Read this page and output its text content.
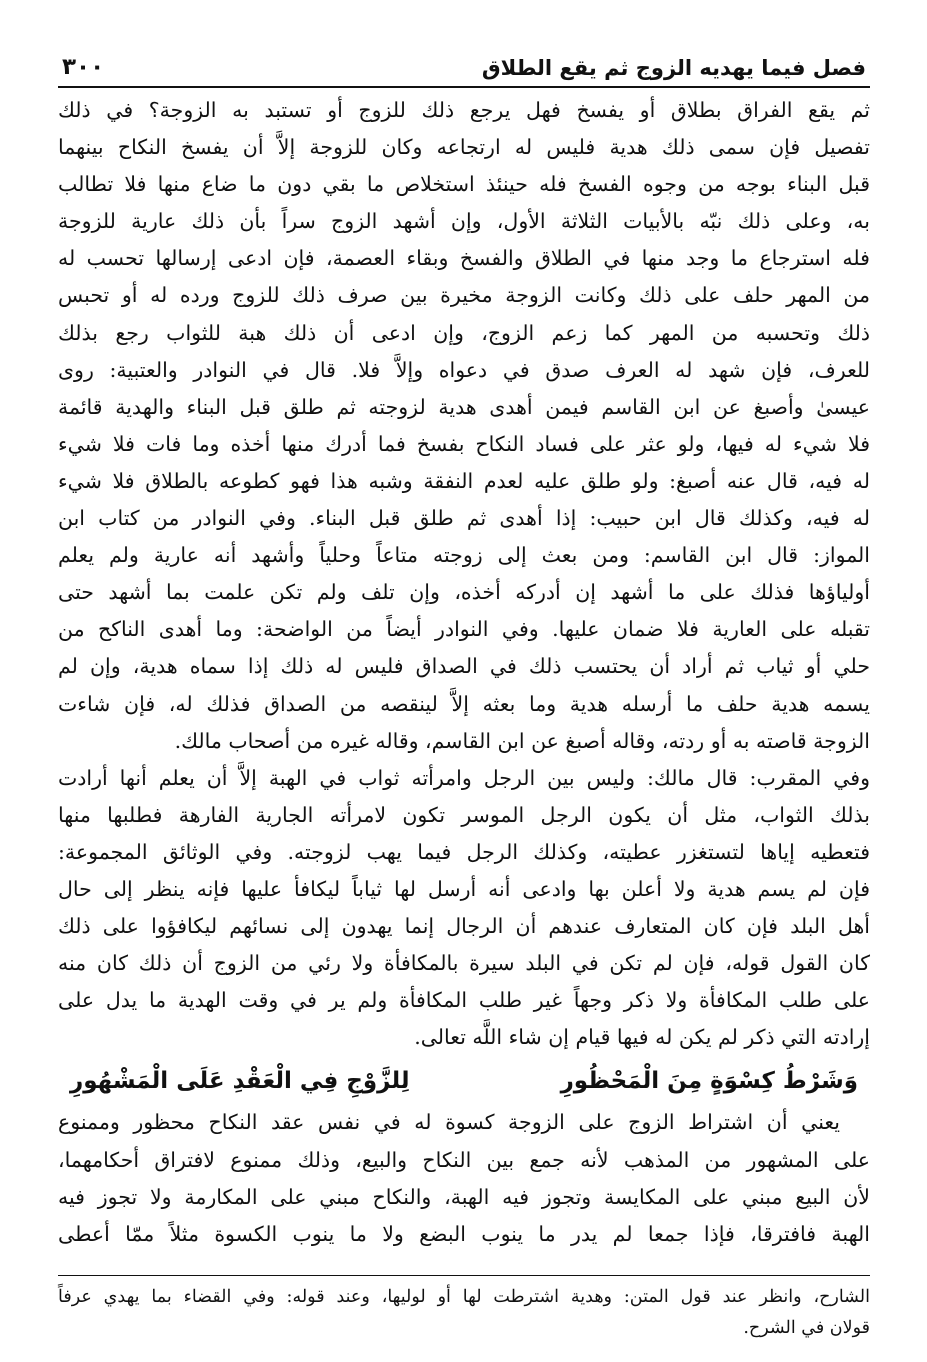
فصل فيما يهديه الزوج ثم يقع الطلاق
٣٠٠
ثم يقع الفراق بطلاق أو يفسخ فهل يرجع ذلك للزوج أو تستبد به الزوجة؟ في ذلك
تفصيل فإن سمى ذلك هدية فليس له ارتجاعه وكان للزوجة إلاَّ أن يفسخ النكاح بينهما
قبل البناء بوجه من وجوه الفسخ فله حينئذ استخلاص ما بقي دون ما ضاع منها فلا تطالب
به، وعلى ذلك نبّه بالأبيات الثلاثة الأول، وإن أشهد الزوج سراً بأن ذلك عارية للزوجة
فله استرجاع ما وجد منها في الطلاق والفسخ وبقاء العصمة، فإن ادعى إرسالها تحسب له
من المهر حلف على ذلك وكانت الزوجة مخيرة بين صرف ذلك للزوج ورده له أو تحبس
ذلك وتحسبه من المهر كما زعم الزوج، وإن ادعى أن ذلك هبة للثواب رجع بذلك
للعرف، فإن شهد له العرف صدق في دعواه وإلاَّ فلا. قال في النوادر والعتبية: روى
عيسىٰ وأصبغ عن ابن القاسم فيمن أهدى هدية لزوجته ثم طلق قبل البناء والهدية قائمة
فلا شيء له فيها، ولو عثر على فساد النكاح بفسخ فما أدرك منها أخذه وما فات فلا شيء
له فيه، قال عنه أصبغ: ولو طلق عليه لعدم النفقة وشبه هذا فهو كطوعه بالطلاق فلا شيء
له فيه، وكذلك قال ابن حبيب: إذا أهدى ثم طلق قبل البناء. وفي النوادر من كتاب ابن
المواز: قال ابن القاسم: ومن بعث إلى زوجته متاعاً وحلياً وأشهد أنه عارية ولم يعلم
أولياؤها فذلك على ما أشهد إن أدركه أخذه، وإن تلف ولم تكن علمت بما أشهد حتى
تقبله على العارية فلا ضمان عليها. وفي النوادر أيضاً من الواضحة: وما أهدى الناكح من
حلي أو ثياب ثم أراد أن يحتسب ذلك في الصداق فليس له ذلك إذا سماه هدية، وإن لم
يسمه هدية حلف ما أرسله هدية وما بعثه إلاَّ لينقصه من الصداق فذلك له، فإن شاءت
الزوجة قاصته به أو ردته، وقاله أصبغ عن ابن القاسم، وقاله غيره من أصحاب مالك.
وفي المقرب: قال مالك: وليس بين الرجل وامرأته ثواب في الهبة إلاَّ أن يعلم أنها أرادت
بذلك الثواب، مثل أن يكون الرجل الموسر تكون لامرأته الجارية الفارهة فطلبها منها
فتعطيه إياها لتستغزر عطيته، وكذلك الرجل فيما يهب لزوجته. وفي الوثائق المجموعة:
فإن لم يسم هدية ولا أعلن بها وادعى أنه أرسل لها ثياباً ليكافأ عليها فإنه ينظر إلى حال
أهل البلد فإن كان المتعارف عندهم أن الرجال إنما يهدون إلى نسائهم ليكافؤوا على ذلك
كان القول قوله، فإن لم تكن في البلد سيرة بالمكافأة ولا رئي من الزوج أن ذلك كان منه
على طلب المكافأة ولا ذكر وجهاً غير طلب المكافأة ولم ير في وقت الهدية ما يدل على
إرادته التي ذكر لم يكن له فيها قيام إن شاء اللَّه تعالى.
وَشَرْطُ كِسْوَةٍ مِنَ الْمَحْظُورِ
لِلزَّوْجِ فِي الْعَقْدِ عَلَى الْمَشْهُورِ
يعني أن اشتراط الزوج على الزوجة كسوة له في نفس عقد النكاح محظور وممنوع
على المشهور من المذهب لأنه جمع بين النكاح والبيع، وذلك ممنوع لافتراق أحكامهما،
لأن البيع مبني على المكايسة وتجوز فيه الهبة، والنكاح مبني على المكارمة ولا تجوز فيه
الهبة فافترقا، فإذا جمعا لم يدر ما ينوب البضع ولا ما ينوب الكسوة مثلاً ممّا أعطى
الشارح، وانظر عند قول المتن: وهدية اشترطت لها أو لوليها، وعند قوله: وفي القضاء بما يهدي عرفاً
قولان في الشرح.
